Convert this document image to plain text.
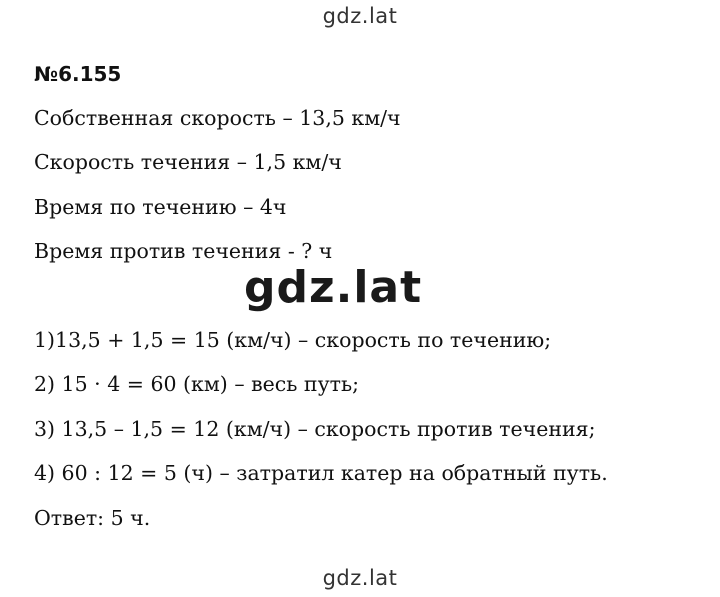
gdz.lat
№6.155
Собственная скорость – 13,5 км/ч
Скорость течения – 1,5 км/ч
Время по течению – 4ч
Время против течения - ? ч
gdz.lat
1)13,5 + 1,5 = 15 (км/ч) – скорость по течению;
2) 15 · 4 = 60 (км) – весь путь;
3) 13,5 – 1,5 = 12 (км/ч) – скорость против течения;
4) 60 : 12 = 5 (ч) – затратил катер на обратный путь.
Ответ: 5 ч.
gdz.lat
